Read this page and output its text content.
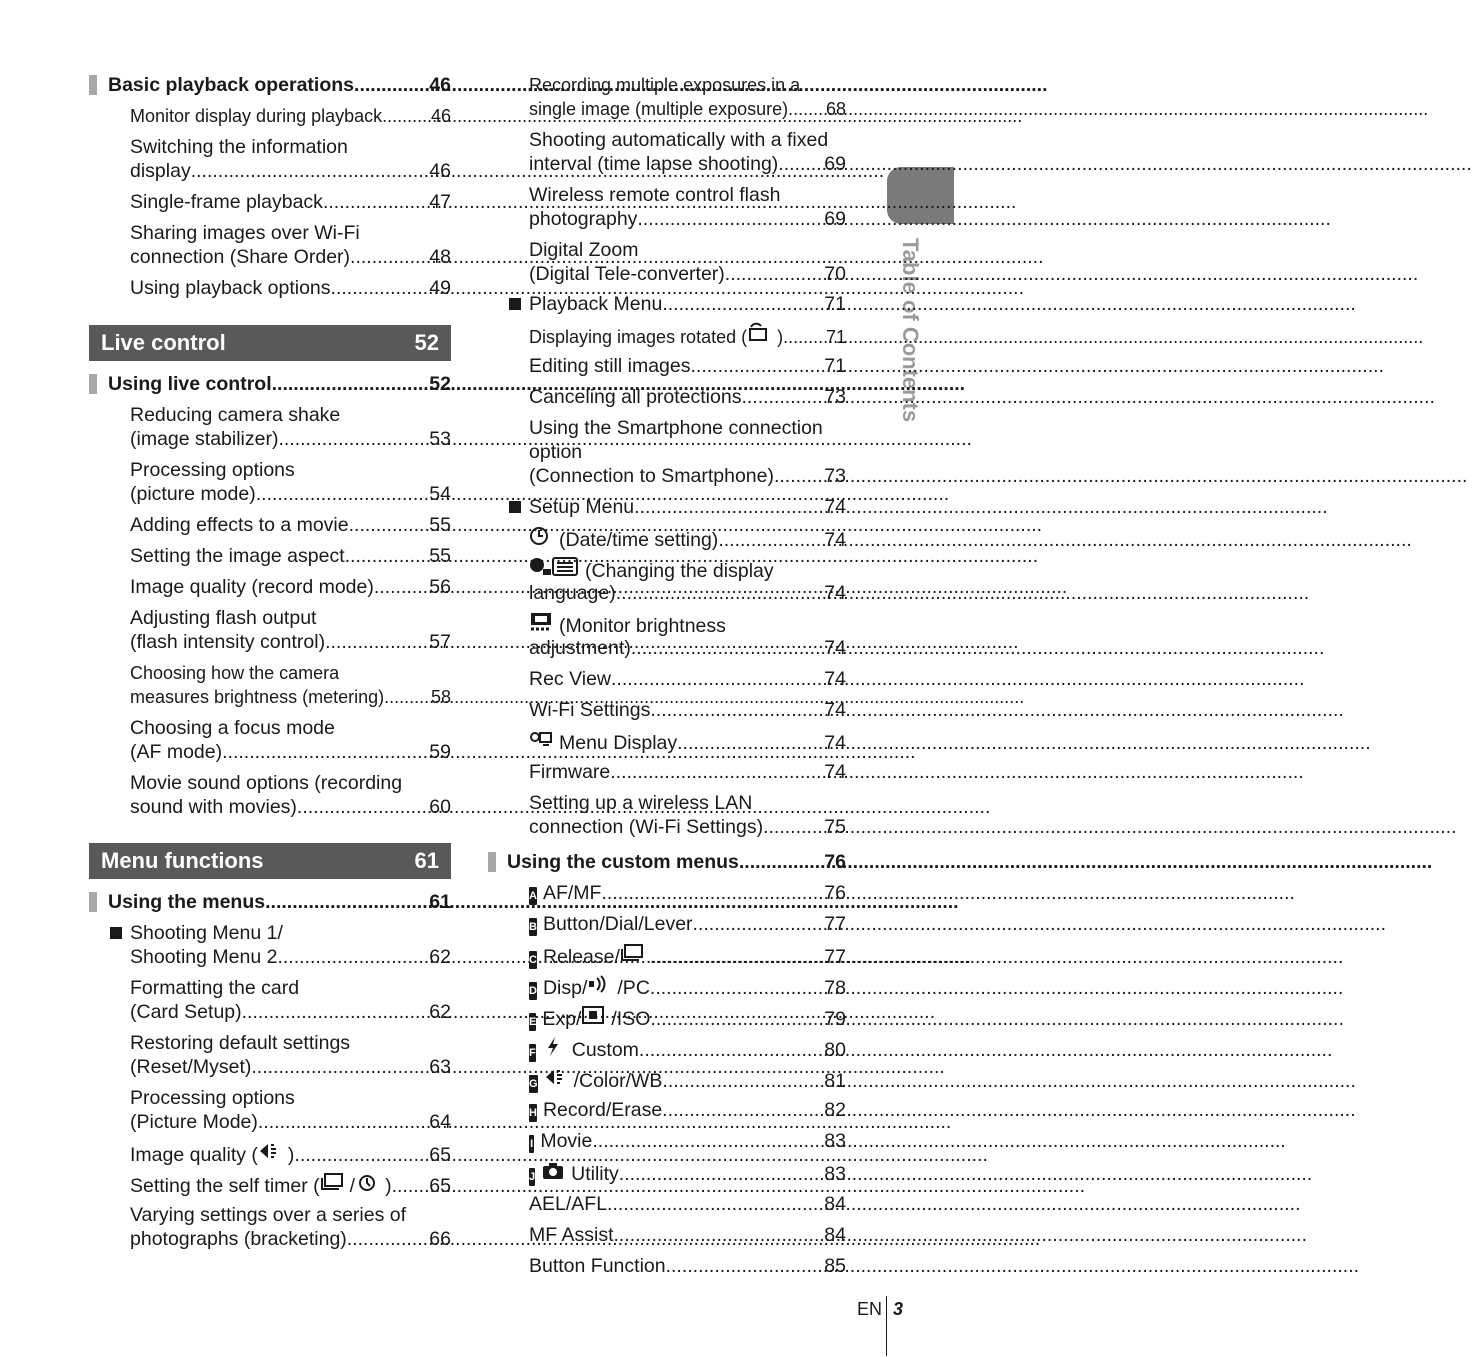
Table of Contents
Basic playback operations .....	46
Monitor display during playback .....	46
Switching the information
display .....	46
Single-frame playback .....	47
Sharing images over Wi-Fi
connection (Share Order) .....	48
Using playback options .....	49
Live control	52
Using live control .....	52
Reducing camera shake
(image stabilizer) .....	53
Processing options
(picture mode) .....	54
Adding effects to a movie .....	55
Setting the image aspect .....	55
Image quality (record mode) .....	56
Adjusting flash output
(flash intensity control) .....	57
Choosing how the camera
measures brightness (metering) .....	58
Choosing a focus mode
(AF mode) .....	59
Movie sound options (recording
sound with movies) .....	60
Menu functions	61
Using the menus .....	61
Shooting Menu 1/
Shooting Menu 2 .....	62
Formatting the card
(Card Setup) .....	62
Restoring default settings
(Reset/Myset) .....	63
Processing options
(Picture Mode) .....	64
Image quality ( ) .....	65
Setting the self timer ( / ) ..... 65
Varying settings over a series of
photographs (bracketing) .....	66
Recording multiple exposures in a
single image (multiple exposure) ..... 68
Shooting automatically with a fixed
interval (time lapse shooting) ..... 69
Wireless remote control flash
photography .....	69
Digital Zoom
(Digital Tele-converter) .....	70
Playback Menu .....	71
Displaying images rotated ( ) ..... 71
Editing still images .....	71
Canceling all protections .....	73
Using the Smartphone connection
option
(Connection to Smartphone) .....	73
Setup Menu .....	74
(Date/time setting) .....	74
(Changing the display
language) .....	74
(Monitor brightness
adjustment) .....	74
Rec View .....	74
Wi-Fi Settings .....	74
Menu Display .....	74
Firmware .....	74
Setting up a wireless LAN
connection (Wi-Fi Settings) .....	75
Using the custom menus .....	76
A AF/MF .....	76
B Button/Dial/Lever .....	77
C Release/ .....	77
D Disp/ /PC .....	78
E Exp/ /ISO .....	79
F Custom .....	80
G /Color/WB .....	81
H Record/Erase .....	82
I Movie .....	83
J Utility .....	83
AEL/AFL .....	84
MF Assist .....	84
Button Function .....	85
EN 3
